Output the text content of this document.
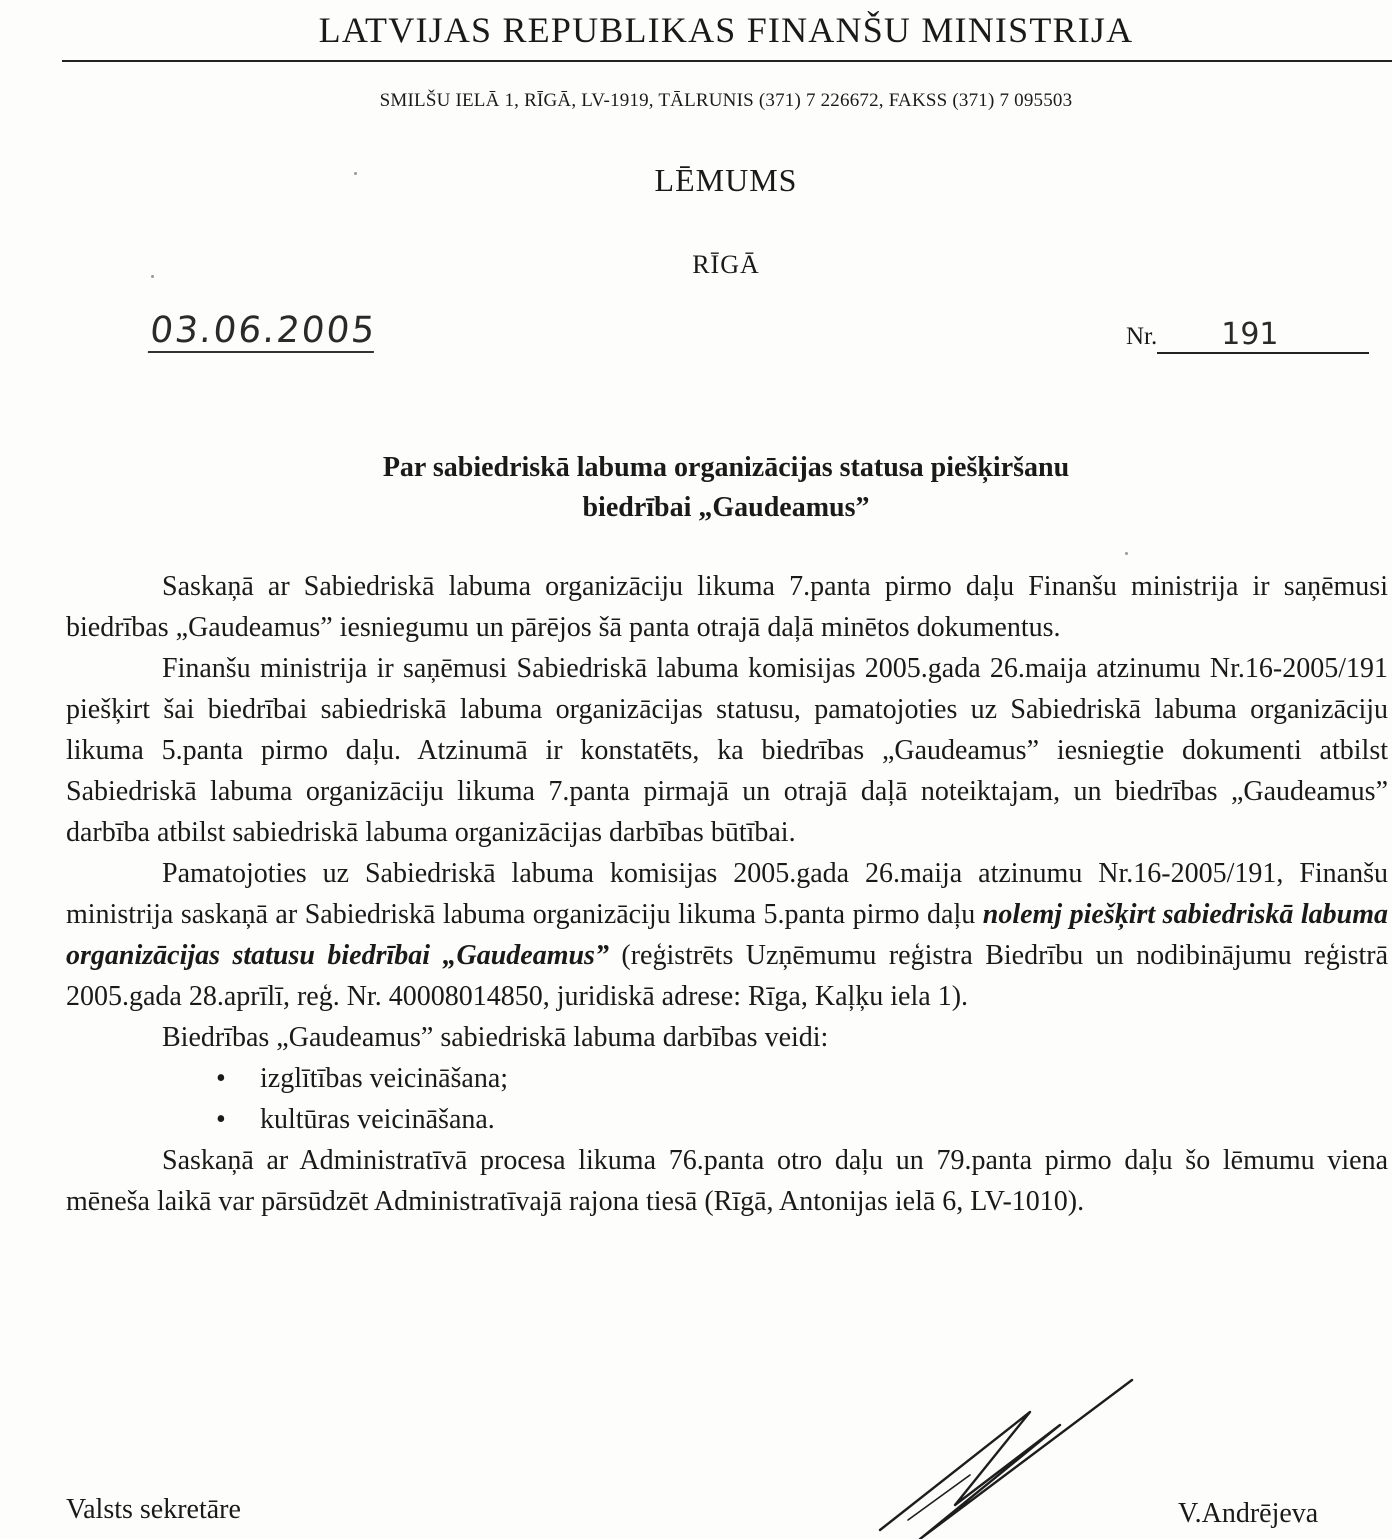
LATVIJAS REPUBLIKAS FINANŠU MINISTRIJA
SMILŠU IELĀ 1, RĪGĀ, LV-1919, TĀLRUNIS (371) 7 226672, FAKSS (371) 7 095503
LĒMUMS
RĪGĀ
03.06.2005	Nr. 191
Par sabiedriskā labuma organizācijas statusa piešķiršanu
biedrībai „Gaudeamus”

Saskaņā ar Sabiedriskā labuma organizāciju likuma 7.panta pirmo daļu Finanšu ministrija ir saņēmusi biedrības „Gaudeamus” iesniegumu un pārējos šā panta otrajā daļā minētos dokumentus.

Finanšu ministrija ir saņēmusi Sabiedriskā labuma komisijas 2005.gada 26.maija atzinumu Nr.16-2005/191 piešķirt šai biedrībai sabiedriskā labuma organizācijas statusu, pamatojoties uz Sabiedriskā labuma organizāciju likuma 5.panta pirmo daļu. Atzinumā ir konstatēts, ka biedrības „Gaudeamus” iesniegtie dokumenti atbilst Sabiedriskā labuma organizāciju likuma 7.panta pirmajā un otrajā daļā noteiktajam, un biedrības „Gaudeamus” darbība atbilst sabiedriskā labuma organizācijas darbības būtībai.

Pamatojoties uz Sabiedriskā labuma komisijas 2005.gada 26.maija atzinumu Nr.16-2005/191, Finanšu ministrija saskaņā ar Sabiedriskā labuma organizāciju likuma 5.panta pirmo daļu nolemj piešķirt sabiedriskā labuma organizācijas statusu biedrībai „Gaudeamus” (reģistrēts Uzņēmumu reģistra Biedrību un nodibinājumu reģistrā 2005.gada 28.aprīlī, reģ. Nr. 40008014850, juridiskā adrese: Rīga, Kaļķu iela 1).

Biedrības „Gaudeamus” sabiedriskā labuma darbības veidi:

• izglītības veicināšana;
• kultūras veicināšana.

Saskaņā ar Administratīvā procesa likuma 76.panta otro daļu un 79.panta pirmo daļu šo lēmumu viena mēneša laikā var pārsūdzēt Administratīvajā rajona tiesā (Rīgā, Antonijas ielā 6, LV-1010).

Valsts sekretāre	V.Andrējeva
